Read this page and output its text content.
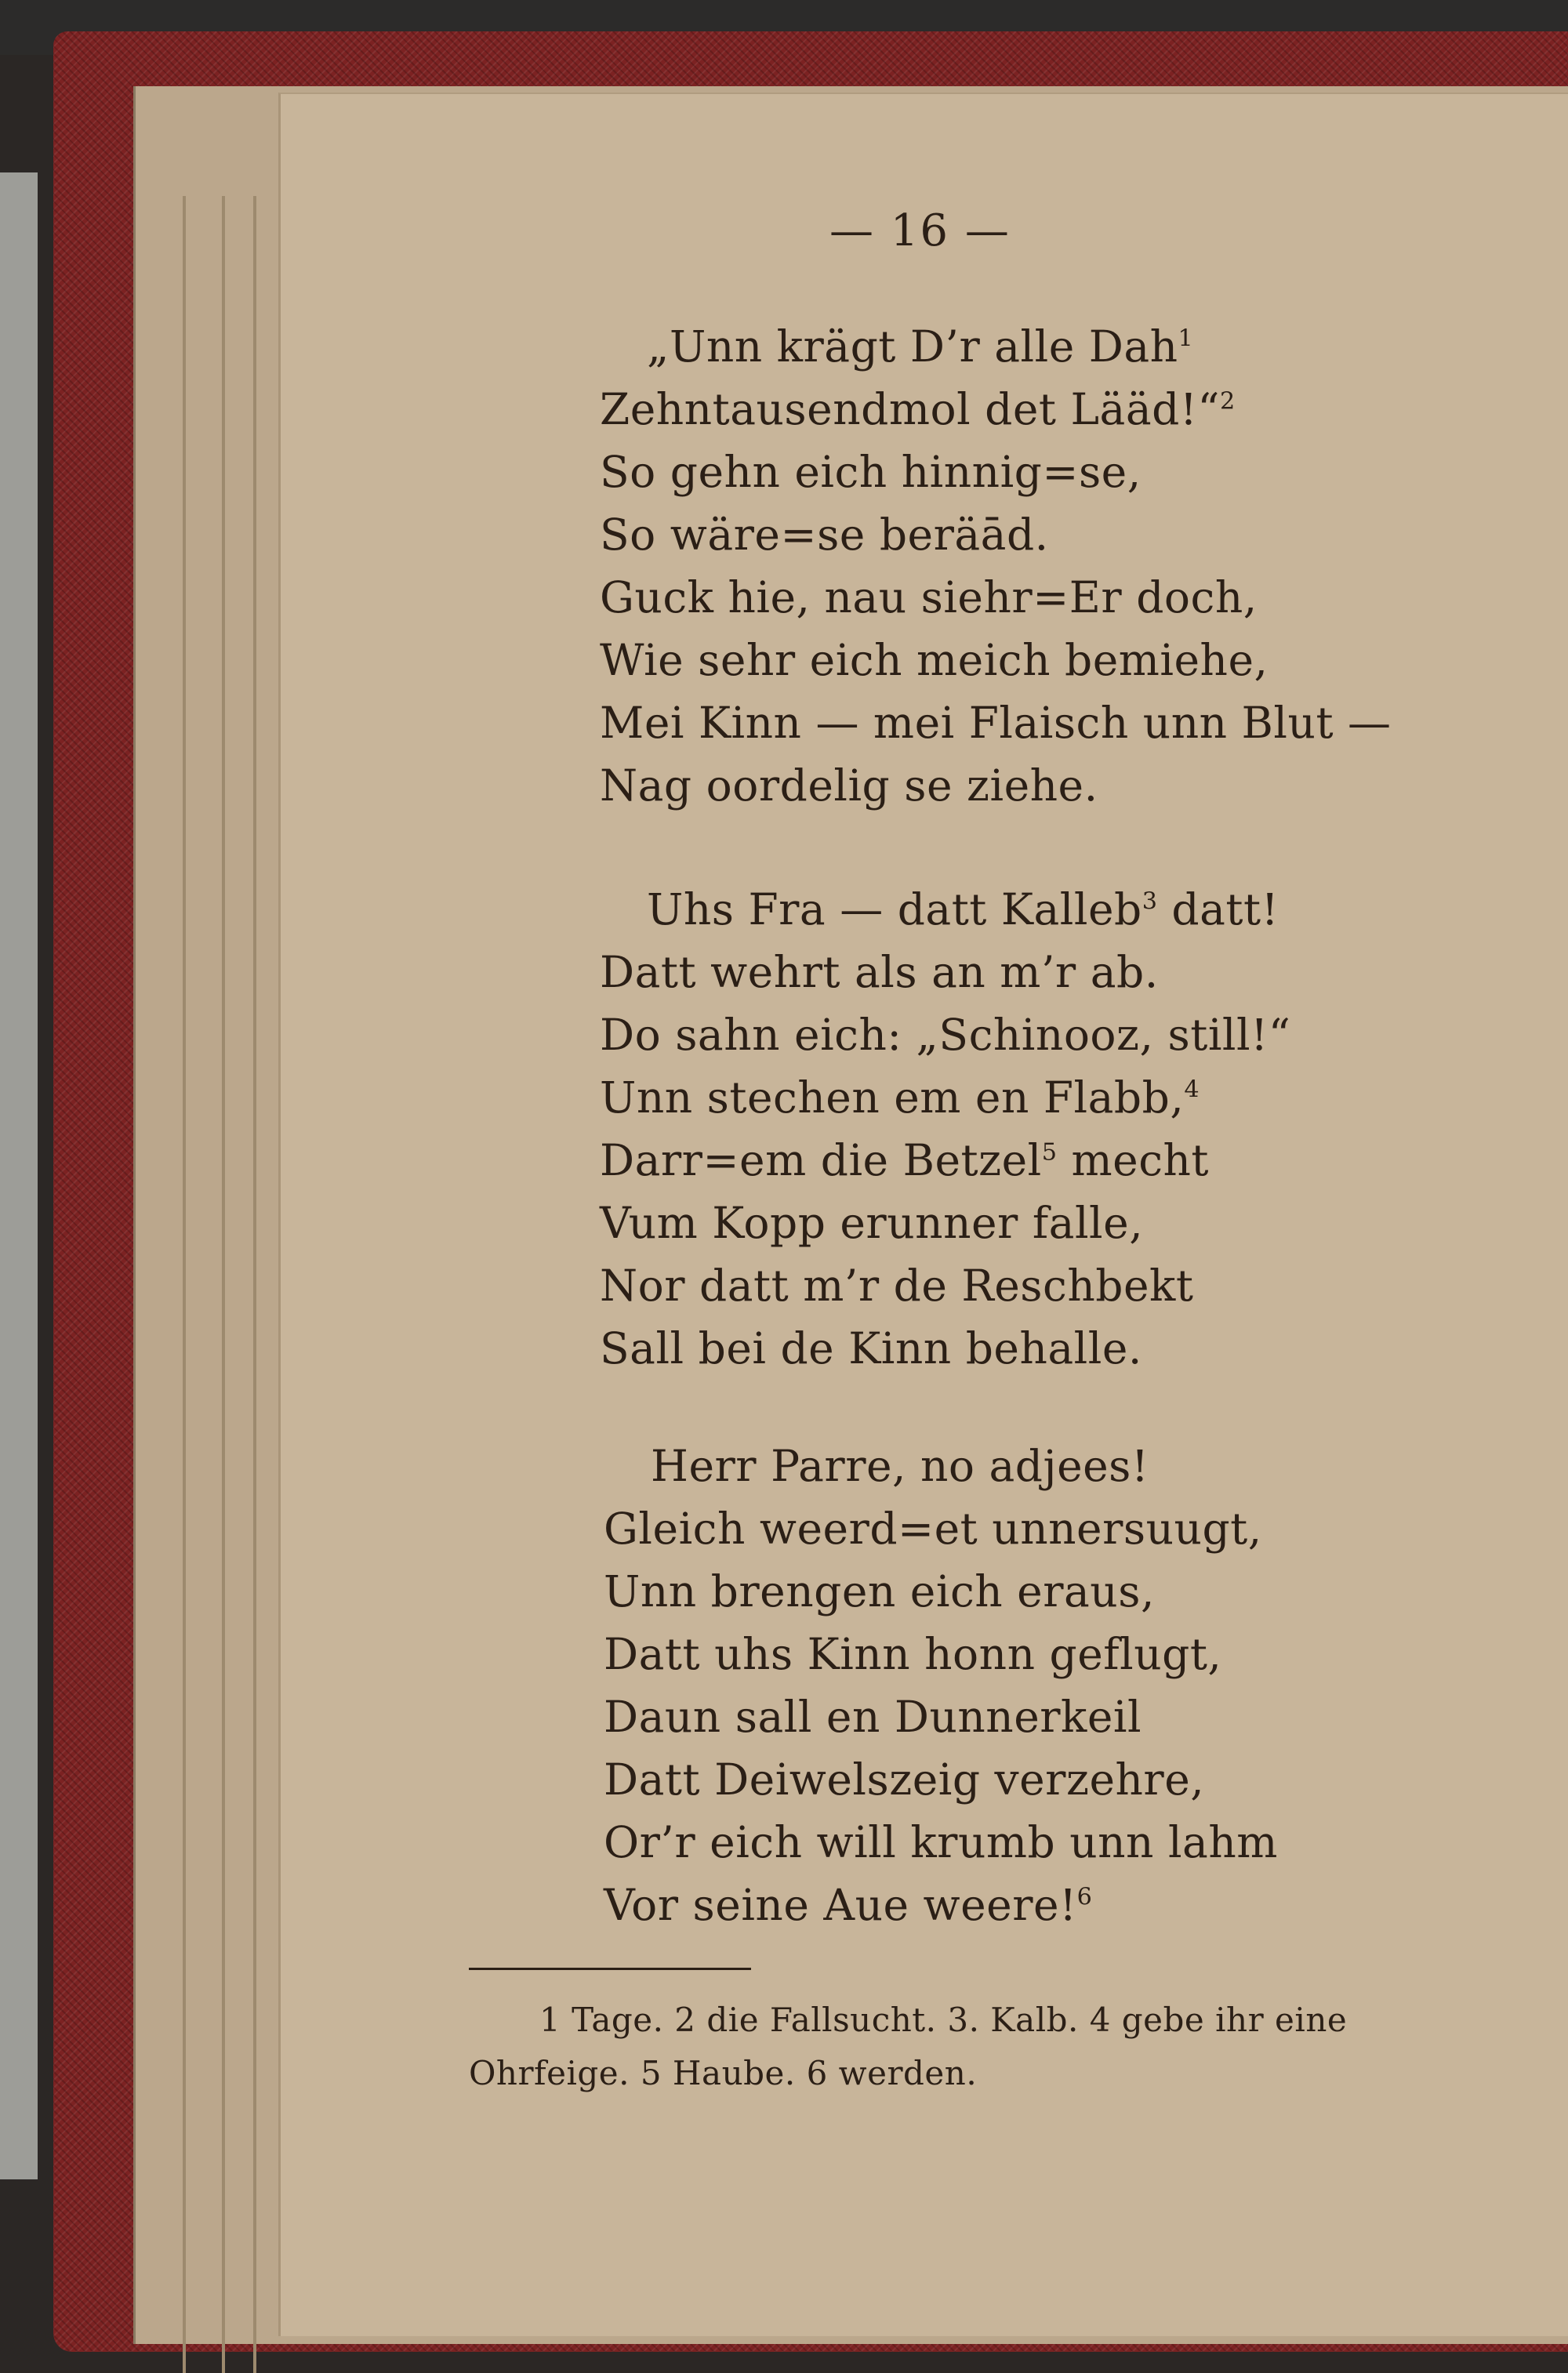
— 16 —
„Unn krägt D’r alle Dah$^1$
Zehntausendmol det Lääd!“$^2$
So gehn eich hinnig=se,
So wäre=se beräād.
Guck hie, nau siehr=Er doch,
Wie sehr eich meich bemiehe,
Mei Kinn — mei Flaisch unn Blut —
Nag oordelig se ziehe.
Uhs Fra — datt Kalleb$^3$ datt!
Datt wehrt als an m’r ab.
Do sahn eich: „Schinooz, still!“
Unn stechen em en Flabb,$^4$
Darr=em die Betzel$^5$ mecht
Vum Kopp erunner falle,
Nor datt m’r de Reschbekt
Sall bei de Kinn behalle.
Herr Parre, no adjees!
Gleich weerd=et unnersuugt,
Unn brengen eich eraus,
Datt uhs Kinn honn geflugt,
Daun sall en Dunnerkeil
Datt Deiwelszeig verzehre,
Or’r eich will krumb unn lahm
Vor seine Aue weere!$^6$
1 Tage. 2 die Fallsucht. 3. Kalb. 4 gebe ihr eine
Ohrfeige. 5 Haube. 6 werden.
